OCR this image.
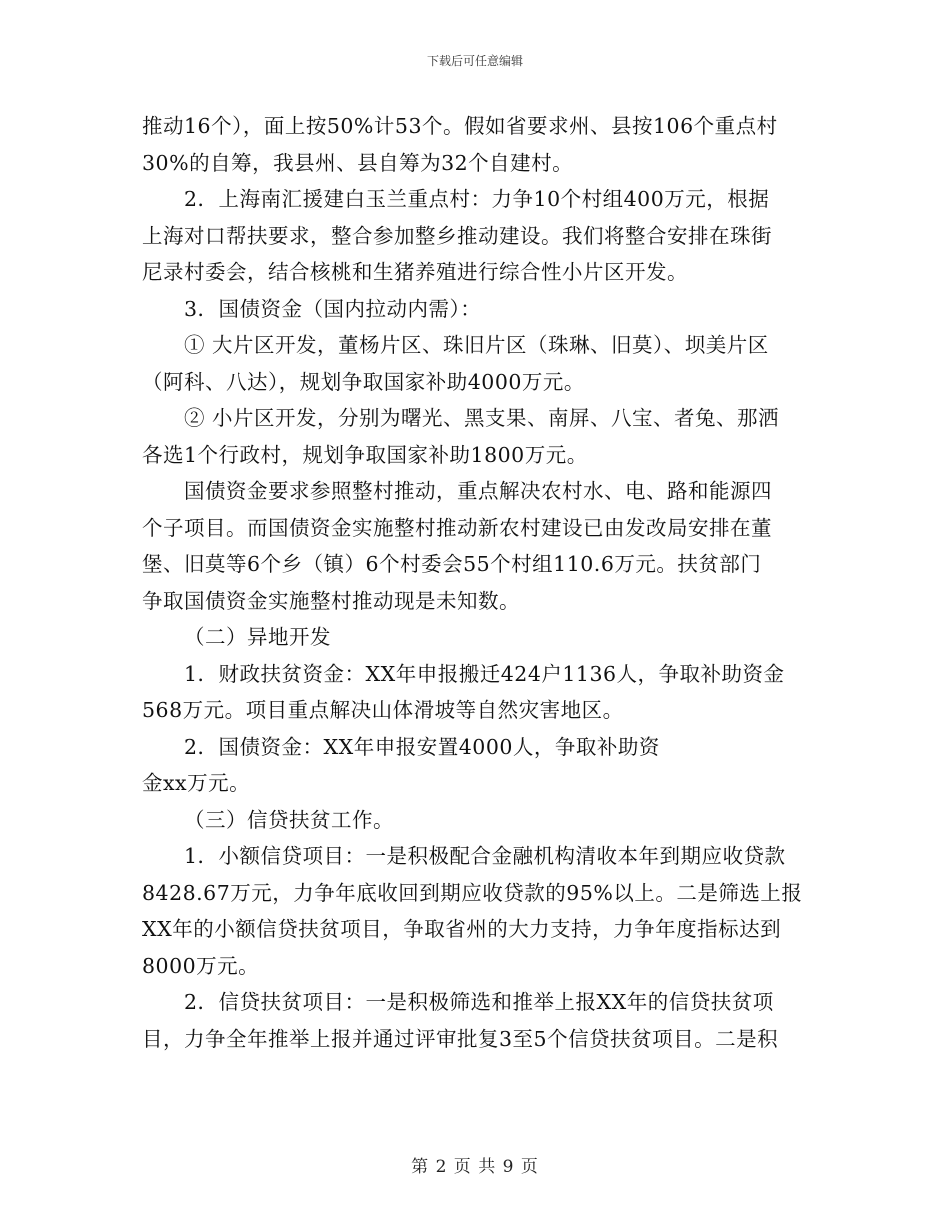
下载后可任意编辑
推动16个），面上按50%计53个。假如省要求州、县按106个重点村
30%的自筹，我县州、县自筹为32个自建村。
2．上海南汇援建白玉兰重点村：力争10个村组400万元，根据
上海对口帮扶要求，整合参加整乡推动建设。我们将整合安排在珠街
尼录村委会，结合核桃和生猪养殖进行综合性小片区开发。
3．国债资金（国内拉动内需）：
① 大片区开发，董杨片区、珠旧片区（珠琳、旧莫）、坝美片区
（阿科、八达），规划争取国家补助4000万元。
② 小片区开发，分别为曙光、黑支果、南屏、八宝、者兔、那洒
各选1个行政村，规划争取国家补助1800万元。
国债资金要求参照整村推动，重点解决农村水、电、路和能源四
个子项目。而国债资金实施整村推动新农村建设已由发改局安排在董
堡、旧莫等6个乡（镇）6个村委会55个村组110.6万元。扶贫部门
争取国债资金实施整村推动现是未知数。
（二）异地开发
1．财政扶贫资金：XX年申报搬迁424户1136人，争取补助资金
568万元。项目重点解决山体滑坡等自然灾害地区。
2．国债资金：XX年申报安置4000人，争取补助资
金xx万元。
（三）信贷扶贫工作。
1．小额信贷项目：一是积极配合金融机构清收本年到期应收贷款
8428.67万元，力争年底收回到期应收贷款的95%以上。二是筛选上报
XX年的小额信贷扶贫项目，争取省州的大力支持，力争年度指标达到
8000万元。
2．信贷扶贫项目：一是积极筛选和推举上报XX年的信贷扶贫项
目，力争全年推举上报并通过评审批复3至5个信贷扶贫项目。二是积
第 2 页 共 9 页
